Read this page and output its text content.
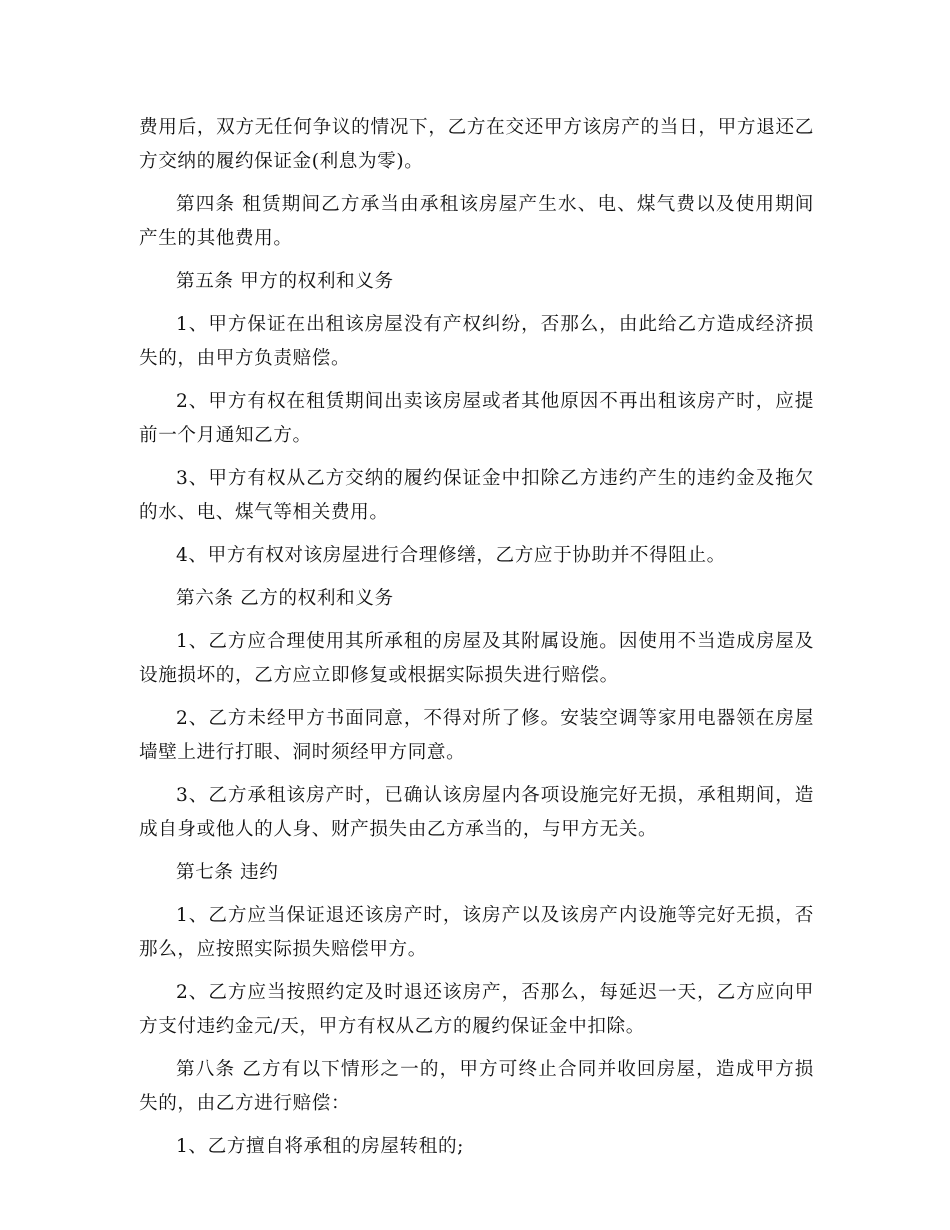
费用后，双方无任何争议的情况下，乙方在交还甲方该房产的当日，甲方退还乙方交纳的履约保证金(利息为零)。

第四条 租赁期间乙方承当由承租该房屋产生水、电、煤气费以及使用期间产生的其他费用。

第五条 甲方的权利和义务

1、甲方保证在出租该房屋没有产权纠纷，否那么，由此给乙方造成经济损失的，由甲方负责赔偿。

2、甲方有权在租赁期间出卖该房屋或者其他原因不再出租该房产时，应提前一个月通知乙方。

3、甲方有权从乙方交纳的履约保证金中扣除乙方违约产生的违约金及拖欠的水、电、煤气等相关费用。

4、甲方有权对该房屋进行合理修缮，乙方应于协助并不得阻止。

第六条 乙方的权利和义务

1、乙方应合理使用其所承租的房屋及其附属设施。因使用不当造成房屋及设施损坏的，乙方应立即修复或根据实际损失进行赔偿。

2、乙方未经甲方书面同意，不得对所了修。安装空调等家用电器领在房屋墙壁上进行打眼、洞时须经甲方同意。

3、乙方承租该房产时，已确认该房屋内各项设施完好无损，承租期间，造成自身或他人的人身、财产损失由乙方承当的，与甲方无关。

第七条 违约

1、乙方应当保证退还该房产时，该房产以及该房产内设施等完好无损，否那么，应按照实际损失赔偿甲方。

2、乙方应当按照约定及时退还该房产，否那么，每延迟一天，乙方应向甲方支付违约金元/天，甲方有权从乙方的履约保证金中扣除。

第八条 乙方有以下情形之一的，甲方可终止合同并收回房屋，造成甲方损失的，由乙方进行赔偿：

1、乙方擅自将承租的房屋转租的;
